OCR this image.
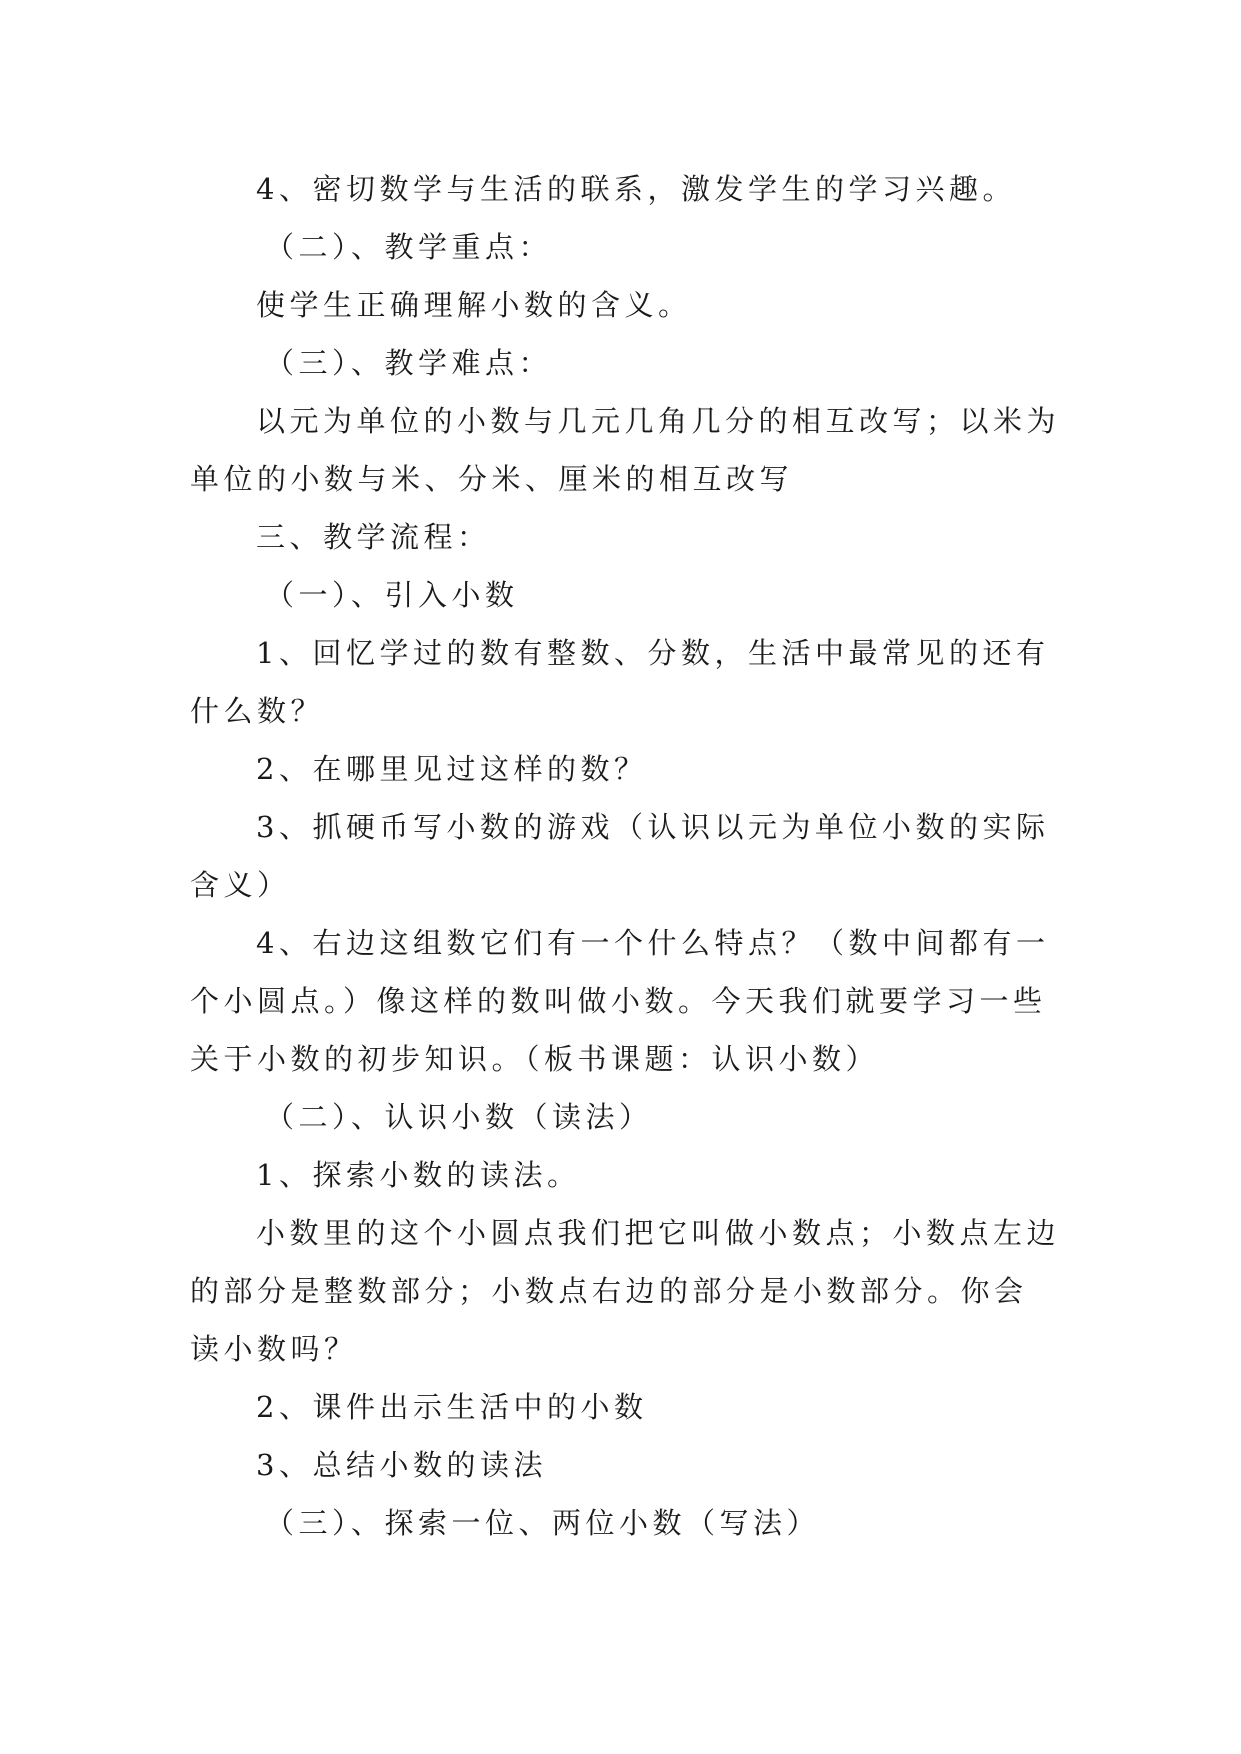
4、密切数学与生活的联系，激发学生的学习兴趣。

（二）、教学重点：

使学生正确理解小数的含义。

（三）、教学难点：

以元为单位的小数与几元几角几分的相互改写；以米为单位的小数与米、分米、厘米的相互改写

三、教学流程：

（一）、引入小数

1、回忆学过的数有整数、分数，生活中最常见的还有什么数？

2、在哪里见过这样的数？

3、抓硬币写小数的游戏（认识以元为单位小数的实际含义）

4、右边这组数它们有一个什么特点？（数中间都有一个小圆点。）像这样的数叫做小数。今天我们就要学习一些关于小数的初步知识。（板书课题：认识小数）

（二）、认识小数（读法）

1、探索小数的读法。

小数里的这个小圆点我们把它叫做小数点；小数点左边的部分是整数部分；小数点右边的部分是小数部分。你会读小数吗？

2、课件出示生活中的小数

3、总结小数的读法

（三）、探索一位、两位小数（写法）
